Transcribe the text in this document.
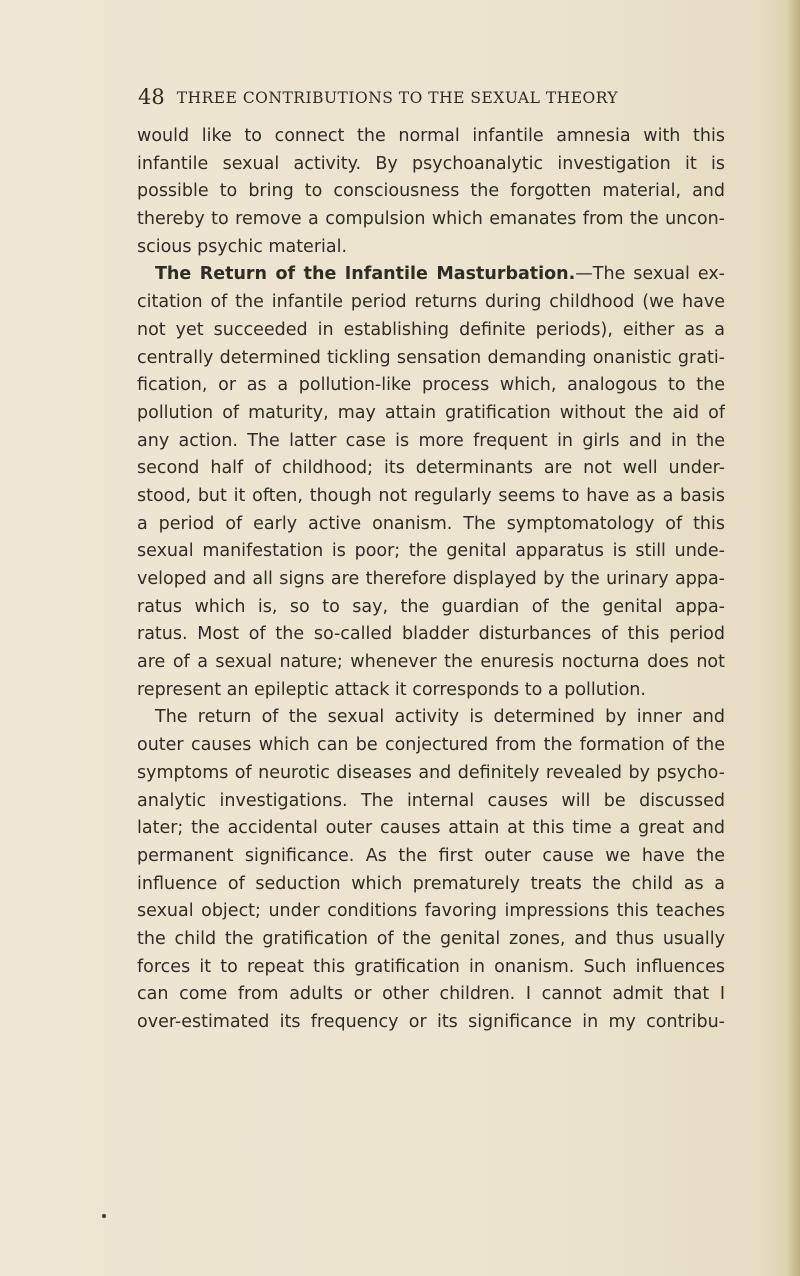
48 THREE CONTRIBUTIONS TO THE SEXUAL THEORY
would like to connect the normal infantile amnesia with this
infantile sexual activity. By psychoanalytic investigation it is
possible to bring to consciousness the forgotten material, and
thereby to remove a compulsion which emanates from the uncon-
scious psychic material.
The Return of the Infantile Masturbation.—The sexual ex-
citation of the infantile period returns during childhood (we have
not yet succeeded in establishing definite periods), either as a
centrally determined tickling sensation demanding onanistic grati-
fication, or as a pollution-like process which, analogous to the
pollution of maturity, may attain gratification without the aid of
any action. The latter case is more frequent in girls and in the
second half of childhood; its determinants are not well under-
stood, but it often, though not regularly seems to have as a basis
a period of early active onanism. The symptomatology of this
sexual manifestation is poor; the genital apparatus is still unde-
veloped and all signs are therefore displayed by the urinary appa-
ratus which is, so to say, the guardian of the genital appa-
ratus. Most of the so-called bladder disturbances of this period
are of a sexual nature; whenever the enuresis nocturna does not
represent an epileptic attack it corresponds to a pollution.
The return of the sexual activity is determined by inner and
outer causes which can be conjectured from the formation of the
symptoms of neurotic diseases and definitely revealed by psycho-
analytic investigations. The internal causes will be discussed
later; the accidental outer causes attain at this time a great and
permanent significance. As the first outer cause we have the
influence of seduction which prematurely treats the child as a
sexual object; under conditions favoring impressions this teaches
the child the gratification of the genital zones, and thus usually
forces it to repeat this gratification in onanism. Such influences
can come from adults or other children. I cannot admit that I
over-estimated its frequency or its significance in my contribu-
